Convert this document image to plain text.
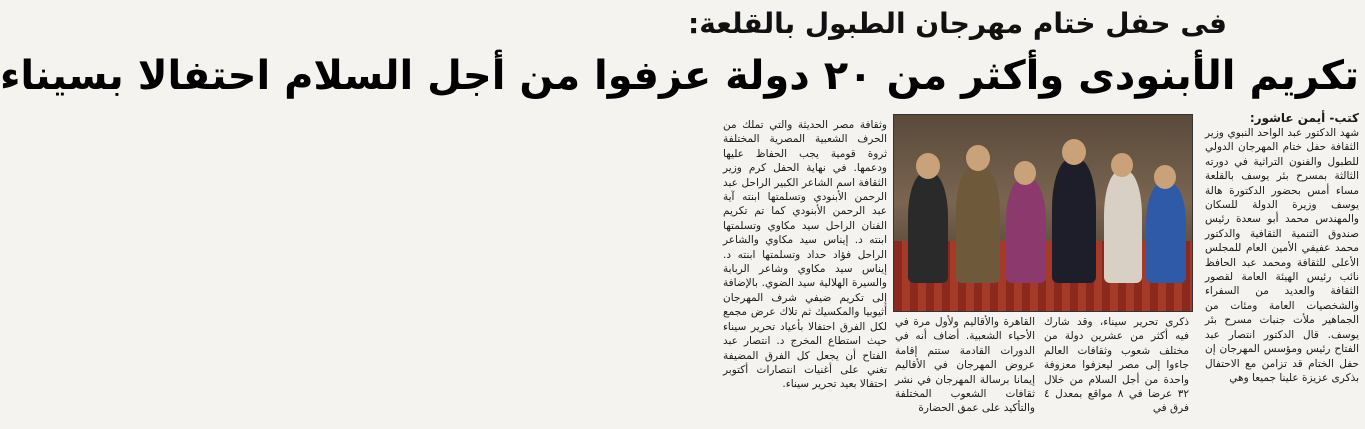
فى حفل ختام مهرجان الطبول بالقلعة:
تكريم الأبنودى وأكثر من ٢٠ دولة عزفوا من أجل السلام احتفالا بسيناء
كتب- أيمن عاشور:

شهد الدكتور عبد الواحد النبوي وزير الثقافة حفل ختام المهرجان الدولي للطبول والفنون التراثية في دورته الثالثة بمسرح بئر يوسف بالقلعة مساء أمس بحضور الدكتورة هالة يوسف وزيرة الدولة للسكان والمهندس محمد أبو سعدة رئيس صندوق التنمية الثقافية والدكتور محمد عفيفي الأمين العام للمجلس الأعلى للثقافة ومحمد عبد الحافظ نائب رئيس الهيئة العامة لقصور الثقافة والعديد من السفراء والشخصيات العامة ومئات من الجماهير ملأت جنبات مسرح بئر يوسف. قال الدكتور انتصار عبد الفتاح رئيس ومؤسس المهرجان إن حفل الختام قد تزامن مع الاحتفال بذكرى عزيزة علينا جميعا وهي

ذكرى تحرير سيناء، وقد شارك فيه أكثر من عشرين دولة من مختلف شعوب وثقافات العالم جاءوا إلى مصر ليعزفوا معزوفة واحدة من أجل السلام من خلال ٣٢ عرضا في ٨ مواقع بمعدل ٤ فرق في

القاهرة والأقاليم ولأول مرة في الأحياء الشعبية. أضاف أنه في الدورات القادمة ستتم إقامة عروض المهرجان في الأقاليم إيمانا برسالة المهرجان في نشر ثقافات الشعوب المختلفة والتأكيد على عمق الحضارة

وثقافة مصر الحديثة والتي تملك من الحرف الشعبية المصرية المختلفة ثروة قومية يجب الحفاظ عليها ودعمها. في نهاية الحفل كرم وزير الثقافة اسم الشاعر الكبير الراحل عبد الرحمن الأبنودي وتسلمتها ابنته آية عبد الرحمن الأبنودي كما تم تكريم الفنان الراحل سيد مكاوي وتسلمتها ابنته د. إيناس سيد مكاوي والشاعر الراحل فؤاد حداد وتسلمتها ابنته د. إيناس سيد مكاوي وشاعر الربابة والسيرة الهلالية سيد الضوي. بالإضافة إلى تكريم ضيفي شرف المهرجان أثيوبيا والمكسيك ثم تلاك عرض مجمع لكل الفرق احتفالا بأعياد تحرير سيناء حيث استطاع المخرج د. انتصار عبد الفتاح أن يجعل كل الفرق المضيفة تغني على أغنيات انتصارات أكتوبر احتفالا بعيد تحرير سيناء.
